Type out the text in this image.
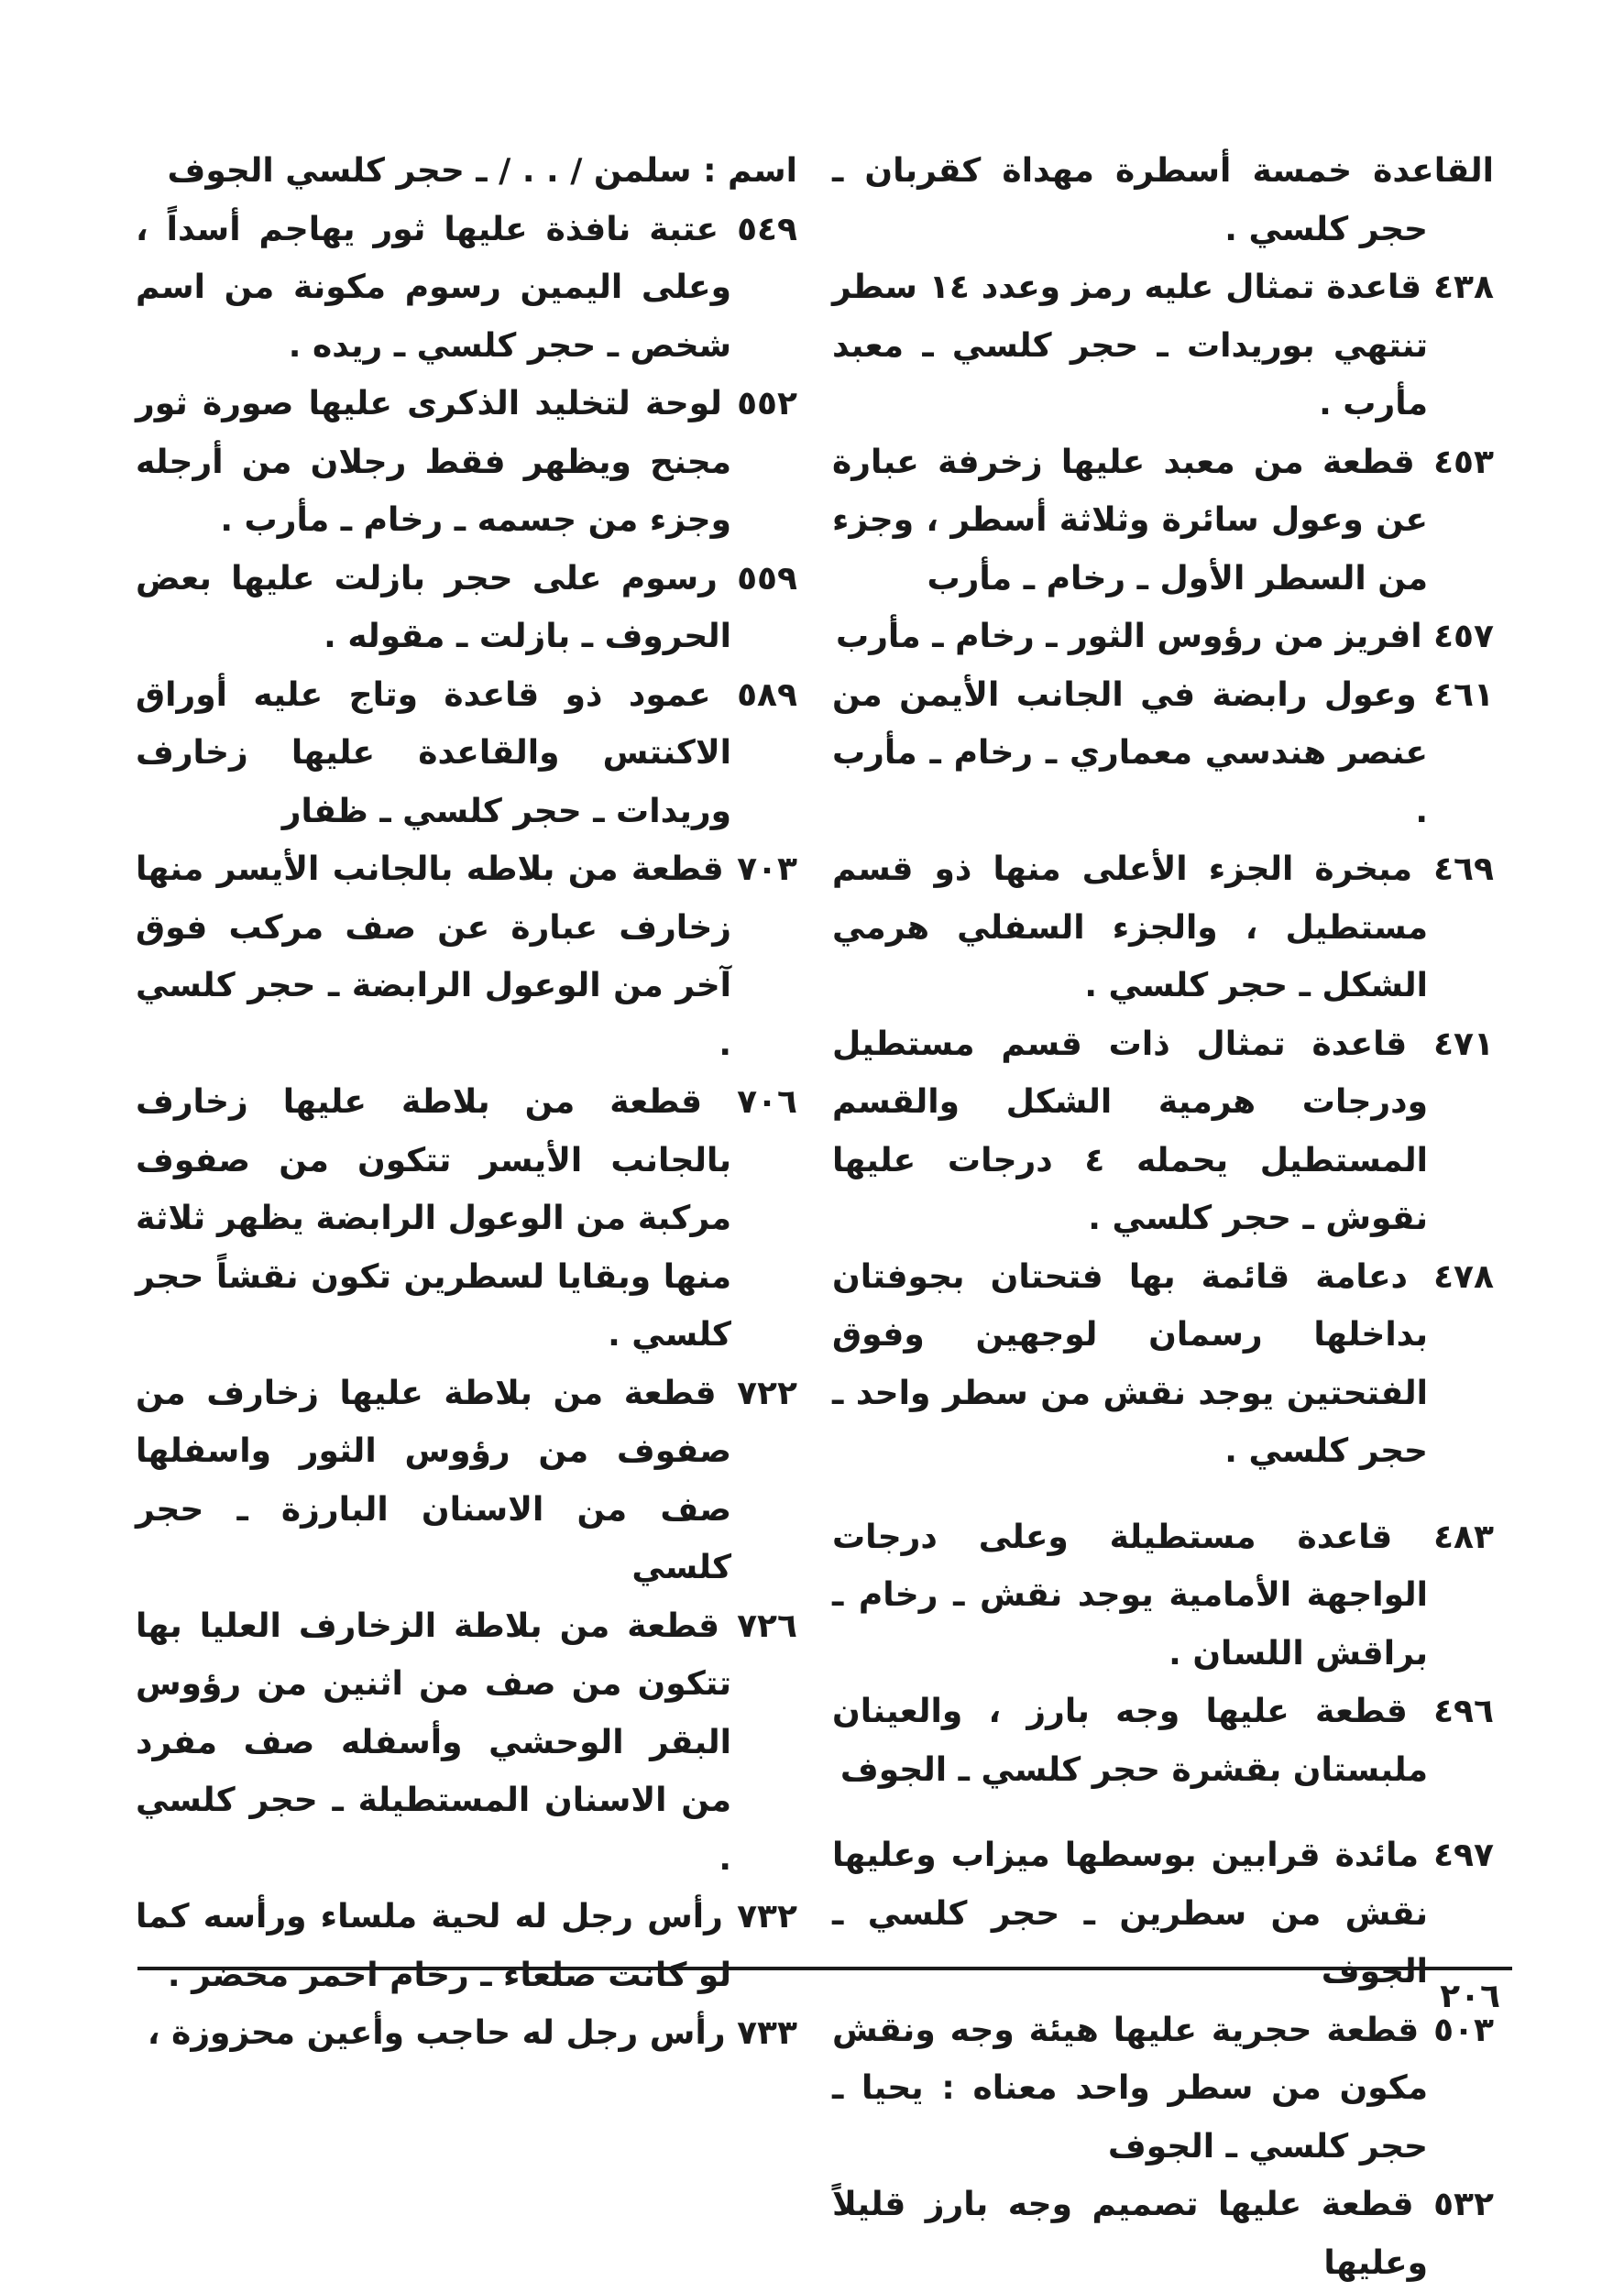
القاعدة خمسة أسطرة مهداة كقربان ـ حجر كلسي .

٤٣٨ قاعدة تمثال عليه رمز وعدد ١٤ سطر تنتهي بوريدات ـ حجر كلسي ـ معبد مأرب .

٤٥٣ قطعة من معبد عليها زخرفة عبارة عن وعول سائرة وثلاثة أسطر ، وجزء من السطر الأول ـ رخام ـ مأرب

٤٥٧ افريز من رؤوس الثور ـ رخام ـ مأرب

٤٦١ وعول رابضة في الجانب الأيمن من عنصر هندسي معماري ـ رخام ـ مأرب .

٤٦٩ مبخرة الجزء الأعلى منها ذو قسم مستطيل ، والجزء السفلي هرمي الشكل ـ حجر كلسي .

٤٧١ قاعدة تمثال ذات قسم مستطيل ودرجات هرمية الشكل والقسم المستطيل يحمله ٤ درجات عليها نقوش ـ حجر كلسي .

٤٧٨ دعامة قائمة بها فتحتان بجوفتان بداخلها رسمان لوجهين وفوق الفتحتين يوجد نقش من سطر واحد ـ حجر كلسي .

٤٨٣ قاعدة مستطيلة وعلى درجات الواجهة الأمامية يوجد نقش ـ رخام ـ براقش اللسان .

٤٩٦ قطعة عليها وجه بارز ، والعينان ملبستان بقشرة حجر كلسي ـ الجوف

٤٩٧ مائدة قرابين بوسطها ميزاب وعليها نقش من سطرين ـ حجر كلسي ـ الجوف

٥٠٣ قطعة حجرية عليها هيئة وجه ونقش مكون من سطر واحد معناه : يحيا ـ حجر كلسي ـ الجوف

٥٣٢ قطعة عليها تصميم وجه بارز قليلاً وعليها

اسم : سلمن / . . / ـ حجر كلسي الجوف

٥٤٩ عتبة نافذة عليها ثور يهاجم أسداً ، وعلى اليمين رسوم مكونة من اسم شخص ـ حجر كلسي ـ ريده .

٥٥٢ لوحة لتخليد الذكرى عليها صورة ثور مجنح ويظهر فقط رجلان من أرجله وجزء من جسمه ـ رخام ـ مأرب .

٥٥٩ رسوم على حجر بازلت عليها بعض الحروف ـ بازلت ـ مقوله .

٥٨٩ عمود ذو قاعدة وتاج عليه أوراق الاكنتس والقاعدة عليها زخارف وريدات ـ حجر كلسي ـ ظفار

٧٠٣ قطعة من بلاطه بالجانب الأيسر منها زخارف عبارة عن صف مركب فوق آخر من الوعول الرابضة ـ حجر كلسي .

٧٠٦ قطعة من بلاطة عليها زخارف بالجانب الأيسر تتكون من صفوف مركبة من الوعول الرابضة يظهر ثلاثة منها وبقايا لسطرين تكون نقشاً حجر كلسي .

٧٢٢ قطعة من بلاطة عليها زخارف من صفوف من رؤوس الثور واسفلها صف من الاسنان البارزة ـ حجر كلسي

٧٢٦ قطعة من بلاطة الزخارف العليا بها تتكون من صف من اثنين من رؤوس البقر الوحشي وأسفله صف مفرد من الاسنان المستطيلة ـ حجر كلسي .

٧٣٢ رأس رجل له لحية ملساء ورأسه كما لو كانت صلعاء ـ رخام احمر مخضر .

٧٣٣ رأس رجل له حاجب وأعين محزوزة ،

٢٠٦
